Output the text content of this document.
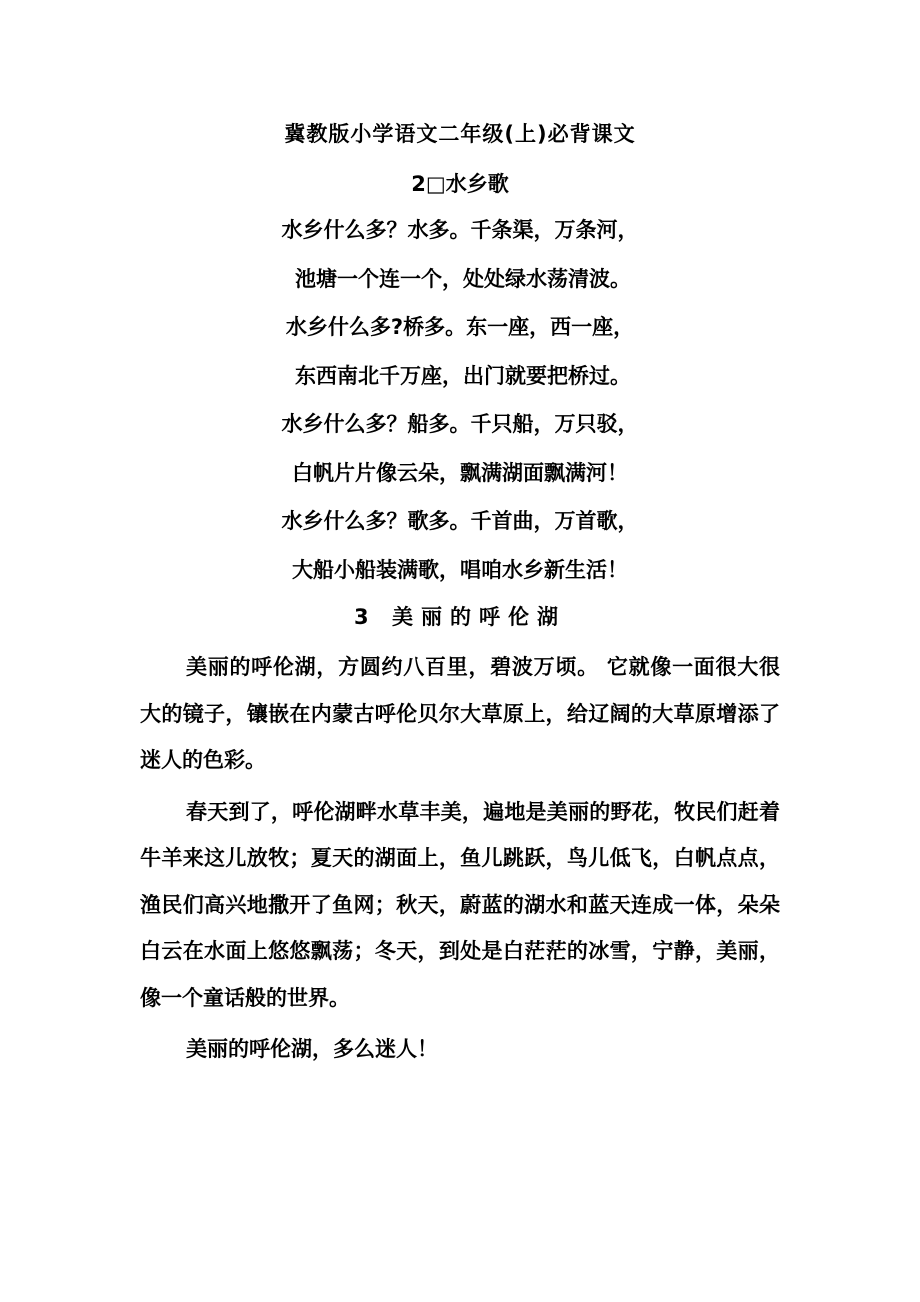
冀教版小学语文二年级(上)必背课文
2□水乡歌
水乡什么多？水多。千条渠，万条河，
池塘一个连一个，处处绿水荡清波。
水乡什么多?桥多。东一座，西一座，
东西南北千万座，出门就要把桥过。
水乡什么多？船多。千只船，万只驳，
白帆片片像云朵，飘满湖面飘满河！
水乡什么多？歌多。千首曲，万首歌，
大船小船装满歌，唱咱水乡新生活！
3 美丽的呼伦湖

美丽的呼伦湖，方圆约八百里，碧波万顷。 它就像一面很大很大的镜子，镶嵌在内蒙古呼伦贝尔大草原上，给辽阔的大草原增添了迷人的色彩。

春天到了，呼伦湖畔水草丰美，遍地是美丽的野花，牧民们赶着牛羊来这儿放牧；夏天的湖面上，鱼儿跳跃，鸟儿低飞，白帆点点，渔民们高兴地撒开了鱼网；秋天，蔚蓝的湖水和蓝天连成一体，朵朵白云在水面上悠悠飘荡；冬天，到处是白茫茫的冰雪，宁静，美丽，像一个童话般的世界。

美丽的呼伦湖，多么迷人！
